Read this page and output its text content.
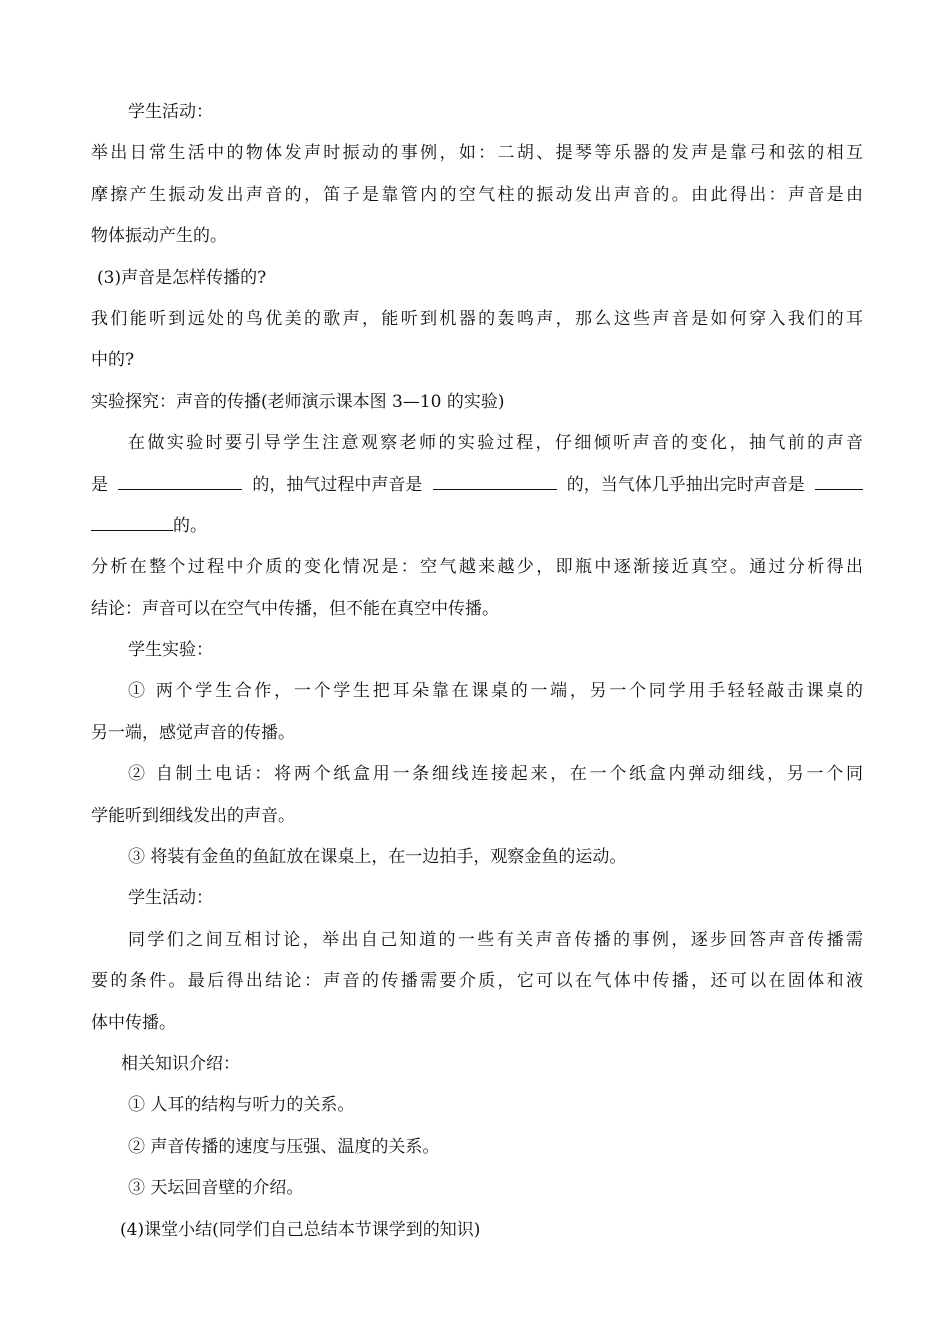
学生活动：
举出日常生活中的物体发声时振动的事例，如：二胡、提琴等乐器的发声是靠弓和弦的相互
摩擦产生振动发出声音的，笛子是靠管内的空气柱的振动发出声音的。由此得出：声音是由
物体振动产生的。
(3)声音是怎样传播的?
我们能听到远处的鸟优美的歌声，能听到机器的轰鸣声，那么这些声音是如何穿入我们的耳
中的?
实验探究：声音的传播(老师演示课本图 3—10 的实验)
在做实验时要引导学生注意观察老师的实验过程，仔细倾听声音的变化，抽气前的声音
是	的，抽气过程中声音是	的，当气体几乎抽出完时声音是
的。
分析在整个过程中介质的变化情况是：空气越来越少，即瓶中逐渐接近真空。通过分析得出
结论：声音可以在空气中传播，但不能在真空中传播。
学生实验：
① 两个学生合作，一个学生把耳朵靠在课桌的一端，另一个同学用手轻轻敲击课桌的
另一端，感觉声音的传播。
② 自制土电话：将两个纸盒用一条细线连接起来，在一个纸盒内弹动细线，另一个同
学能听到细线发出的声音。
③ 将装有金鱼的鱼缸放在课桌上，在一边拍手，观察金鱼的运动。
学生活动：
同学们之间互相讨论，举出自己知道的一些有关声音传播的事例，逐步回答声音传播需
要的条件。最后得出结论：声音的传播需要介质，它可以在气体中传播，还可以在固体和液
体中传播。
相关知识介绍：
① 人耳的结构与听力的关系。
② 声音传播的速度与压强、温度的关系。
③ 天坛回音壁的介绍。
(4)课堂小结(同学们自己总结本节课学到的知识)
